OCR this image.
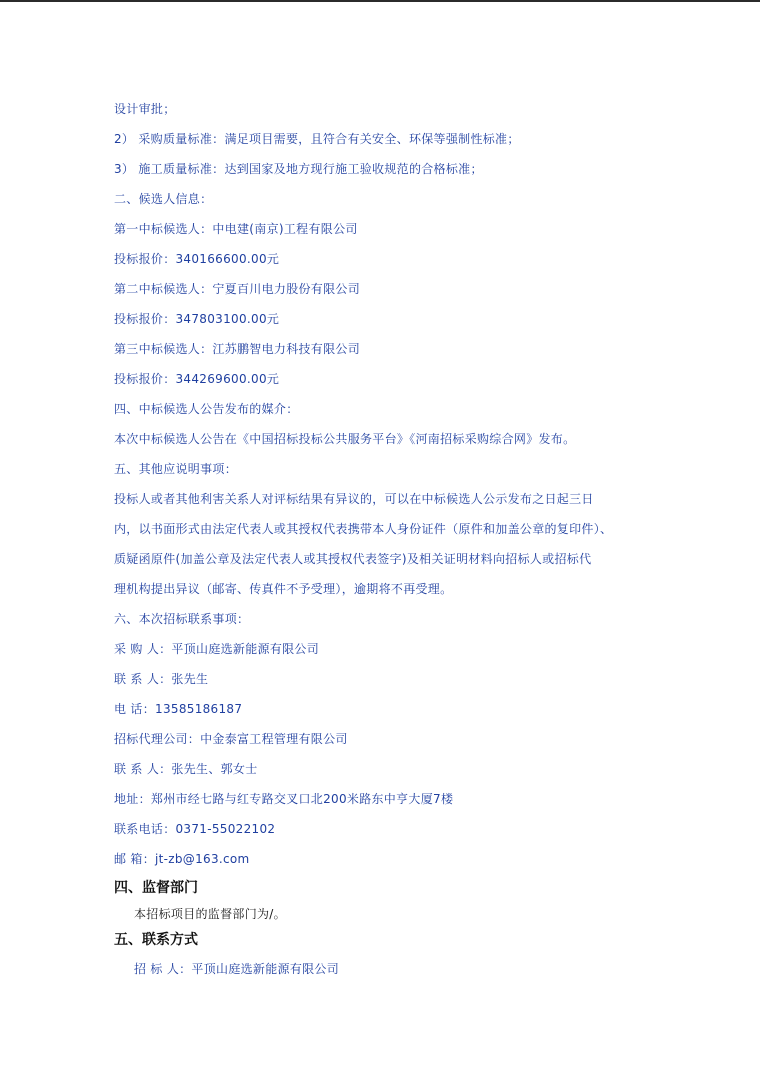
设计审批；
2） 采购质量标准：满足项目需要，且符合有关安全、环保等强制性标准；
3） 施工质量标准：达到国家及地方现行施工验收规范的合格标准；
二、候选人信息：
第一中标候选人：中电建(南京)工程有限公司
投标报价：340166600.00元
第二中标候选人：宁夏百川电力股份有限公司
投标报价：347803100.00元
第三中标候选人：江苏鹏智电力科技有限公司
投标报价：344269600.00元
四、中标候选人公告发布的媒介：
本次中标候选人公告在《中国招标投标公共服务平台》《河南招标采购综合网》发布。
五、其他应说明事项：
投标人或者其他利害关系人对评标结果有异议的，可以在中标候选人公示发布之日起三日
内，以书面形式由法定代表人或其授权代表携带本人身份证件（原件和加盖公章的复印件）、
质疑函原件(加盖公章及法定代表人或其授权代表签字)及相关证明材料向招标人或招标代
理机构提出异议（邮寄、传真件不予受理），逾期将不再受理。
六、本次招标联系事项：
采 购 人：平顶山庭选新能源有限公司
联 系 人：张先生
电 话：13585186187
招标代理公司：中金泰富工程管理有限公司
联 系 人：张先生、郭女士
地址：郑州市经七路与红专路交叉口北200米路东中亨大厦7楼
联系电话：0371-55022102
邮 箱：jt-zb@163.com
四、监督部门
本招标项目的监督部门为/。
五、联系方式
招 标 人：平顶山庭选新能源有限公司
